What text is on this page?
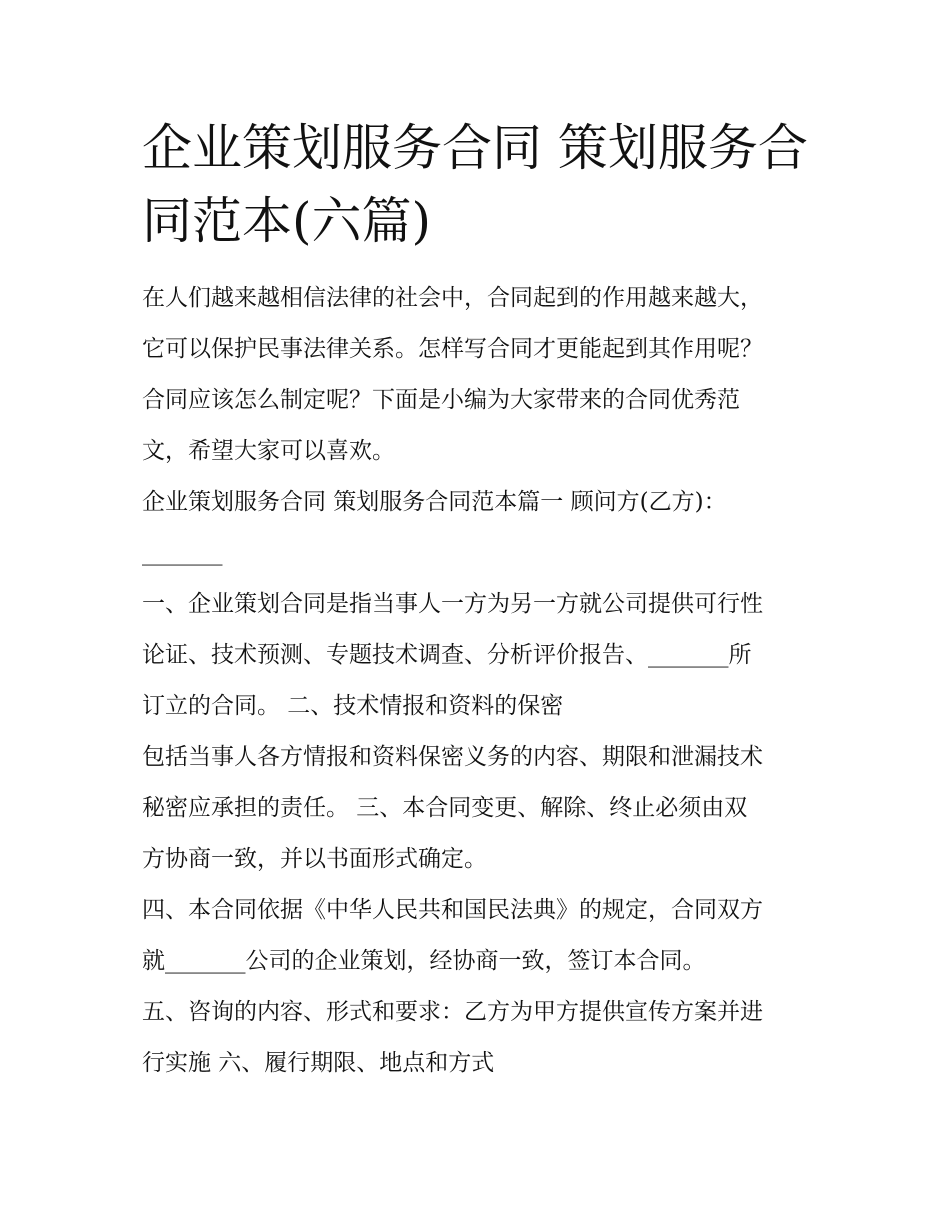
企业策划服务合同 策划服务合
同范本(六篇)
在人们越来越相信法律的社会中，合同起到的作用越来越大，
它可以保护民事法律关系。怎样写合同才更能起到其作用呢？
合同应该怎么制定呢？下面是小编为大家带来的合同优秀范
文，希望大家可以喜欢。
企业策划服务合同 策划服务合同范本篇一 顾问方(乙方)：
_______
一、企业策划合同是指当事人一方为另一方就公司提供可行性
论证、技术预测、专题技术调查、分析评价报告、_______所
订立的合同。 二、技术情报和资料的保密
包括当事人各方情报和资料保密义务的内容、期限和泄漏技术
秘密应承担的责任。 三、本合同变更、解除、终止必须由双
方协商一致，并以书面形式确定。
四、本合同依据《中华人民共和国民法典》的规定，合同双方
就_______公司的企业策划，经协商一致，签订本合同。
五、咨询的内容、形式和要求：乙方为甲方提供宣传方案并进
行实施 六、履行期限、地点和方式
